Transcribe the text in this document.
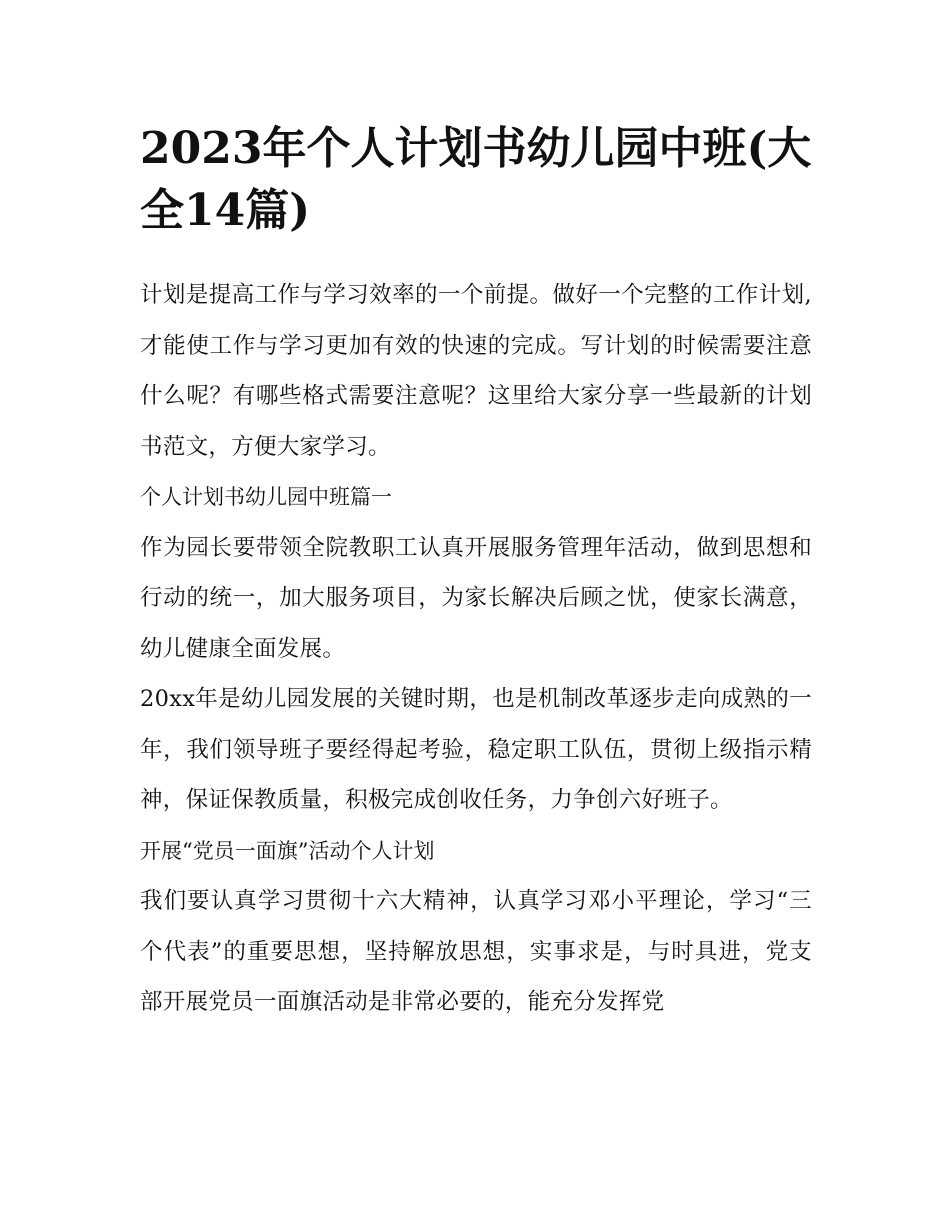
2023年个人计划书幼儿园中班(大全14篇)

计划是提高工作与学习效率的一个前提。做好一个完整的工作计划,才能使工作与学习更加有效的快速的完成。写计划的时候需要注意什么呢？有哪些格式需要注意呢？这里给大家分享一些最新的计划书范文，方便大家学习。

个人计划书幼儿园中班篇一

作为园长要带领全院教职工认真开展服务管理年活动，做到思想和行动的统一，加大服务项目，为家长解决后顾之忧，使家长满意，幼儿健康全面发展。

20xx年是幼儿园发展的关键时期，也是机制改革逐步走向成熟的一年，我们领导班子要经得起考验，稳定职工队伍，贯彻上级指示精神，保证保教质量，积极完成创收任务，力争创六好班子。

开展“党员一面旗”活动个人计划

我们要认真学习贯彻十六大精神，认真学习邓小平理论，学习“三个代表”的重要思想，坚持解放思想，实事求是，与时具进，党支部开展党员一面旗活动是非常必要的，能充分发挥党
